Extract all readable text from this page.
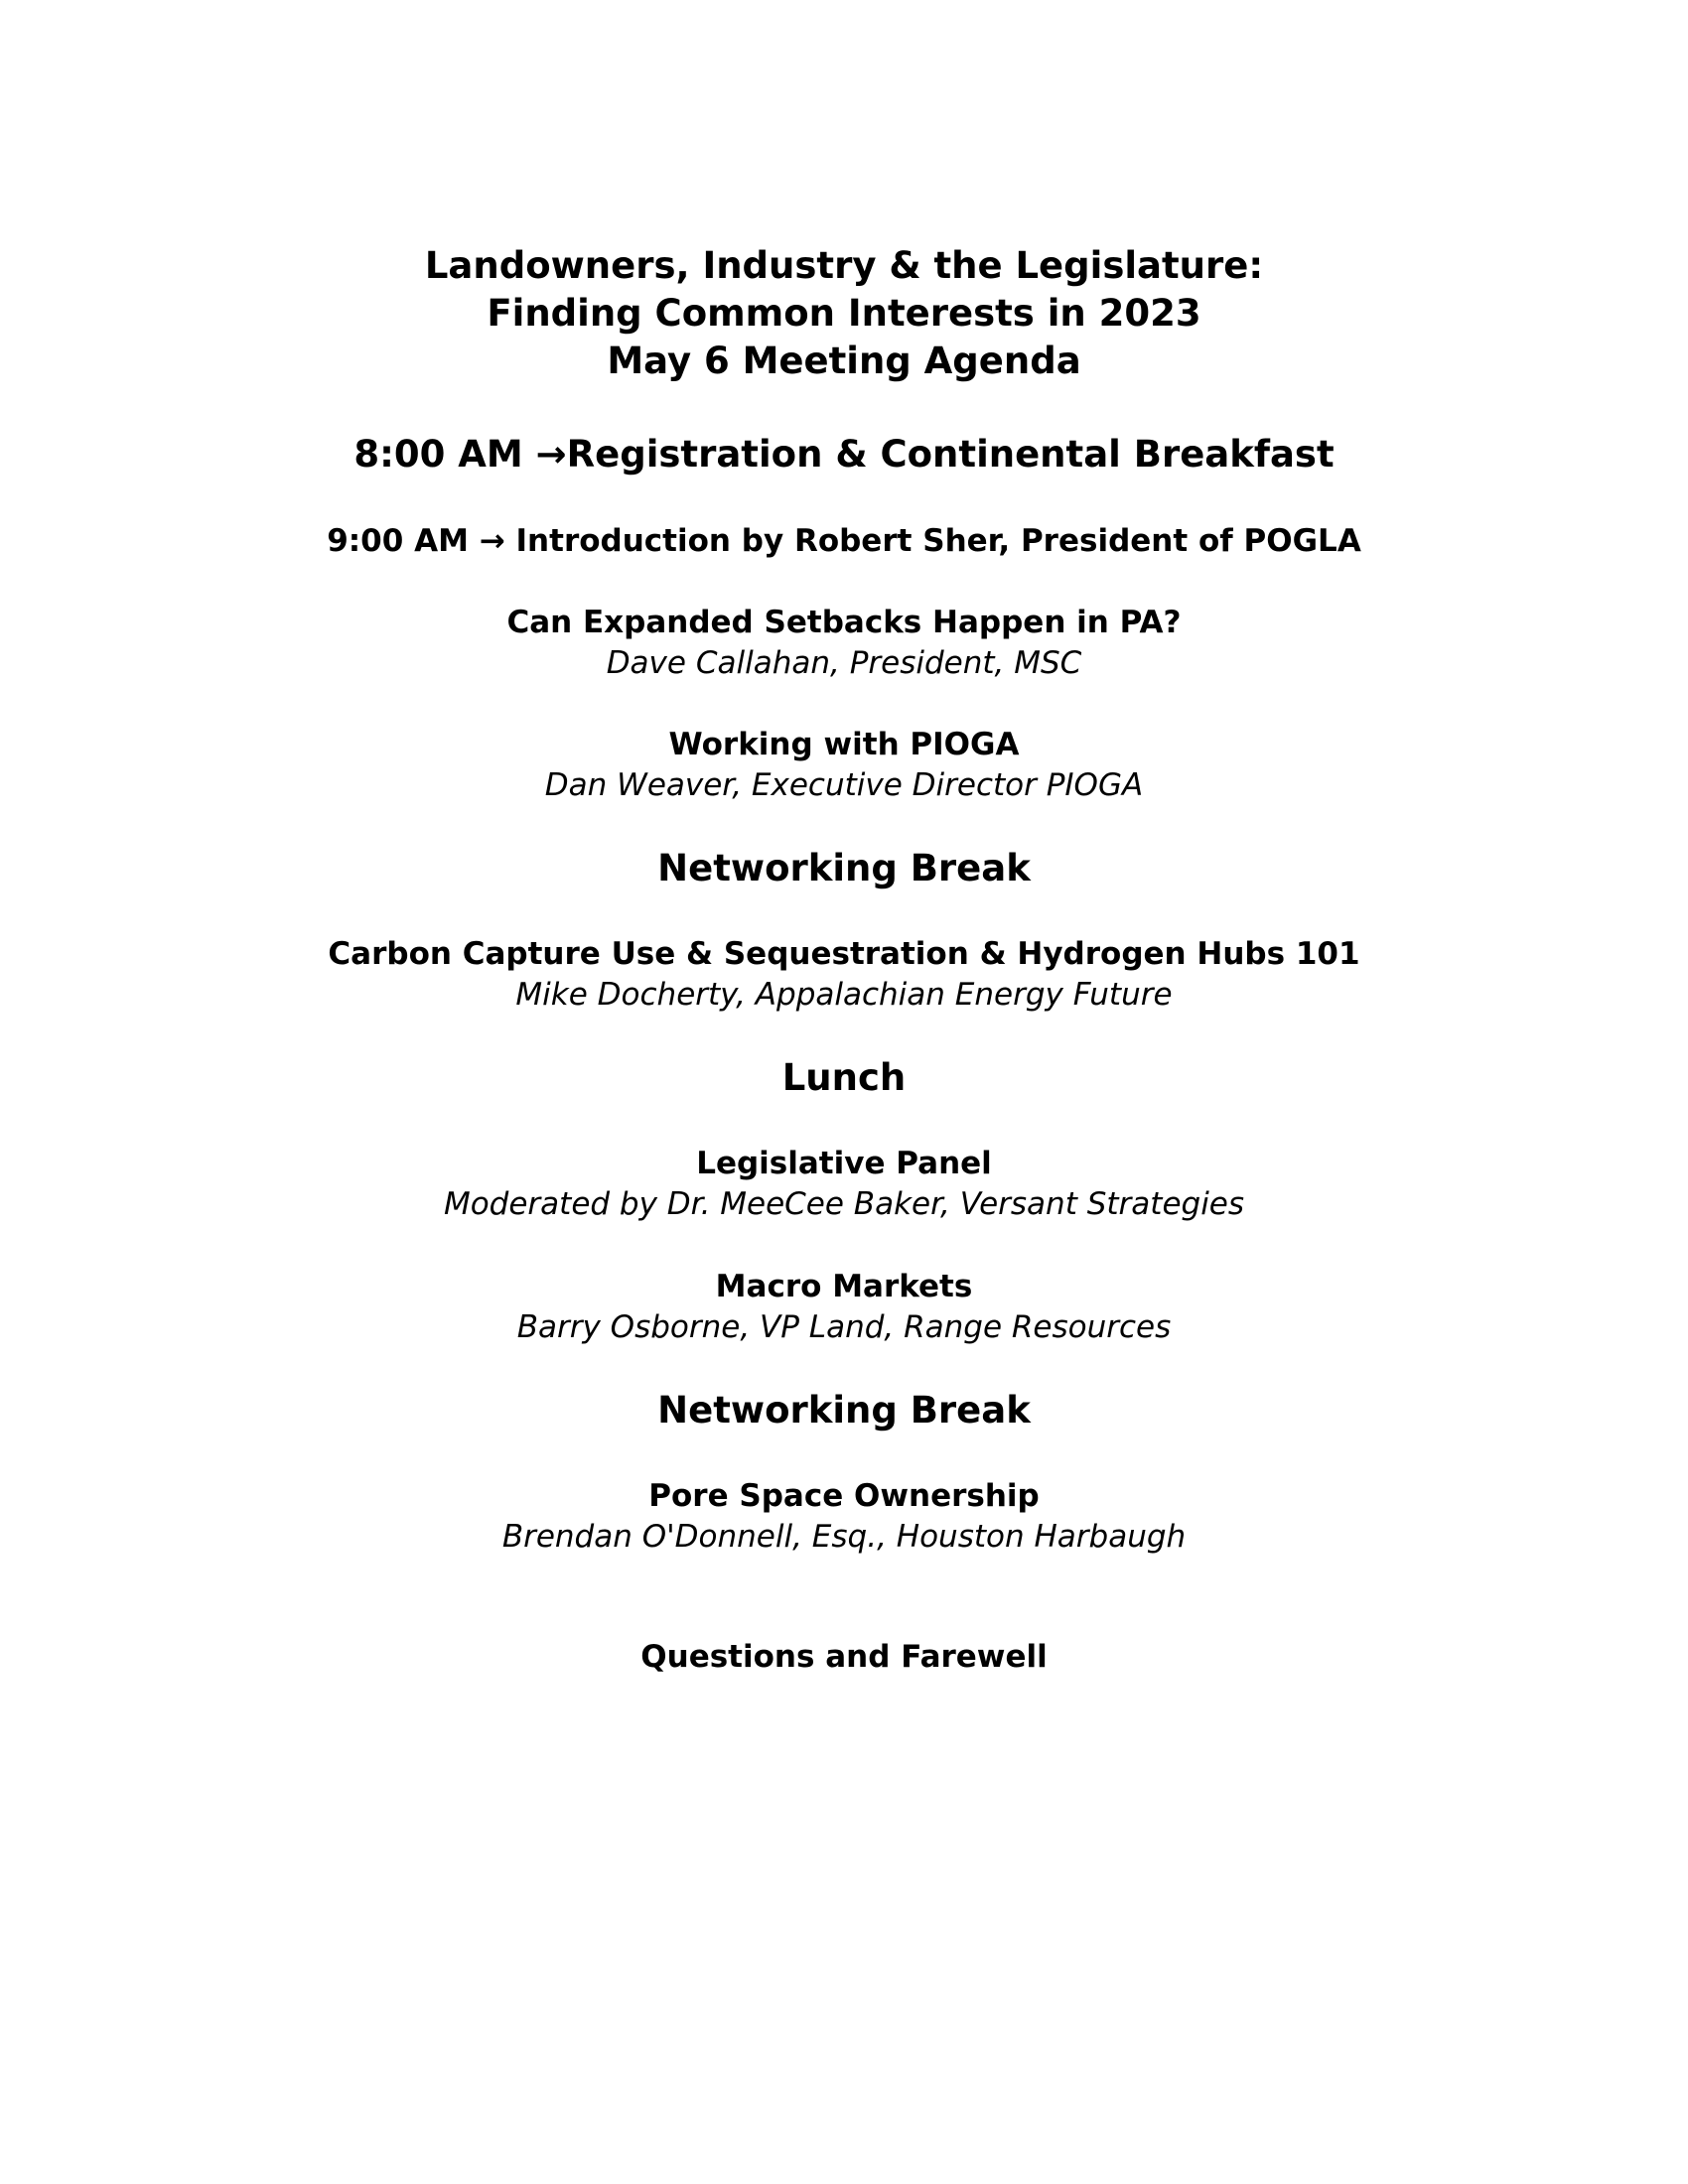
Landowners, Industry & the Legislature:
Finding Common Interests in 2023
May 6 Meeting Agenda
8:00 AM →Registration & Continental Breakfast
9:00 AM → Introduction by Robert Sher, President of POGLA
Can Expanded Setbacks Happen in PA?
Dave Callahan, President, MSC
Working with PIOGA
Dan Weaver, Executive Director PIOGA
Networking Break
Carbon Capture Use & Sequestration & Hydrogen Hubs 101
Mike Docherty, Appalachian Energy Future
Lunch
Legislative Panel
Moderated by Dr. MeeCee Baker, Versant Strategies
Macro Markets
Barry Osborne, VP Land, Range Resources
Networking Break
Pore Space Ownership
Brendan O'Donnell, Esq., Houston Harbaugh
Questions and Farewell
